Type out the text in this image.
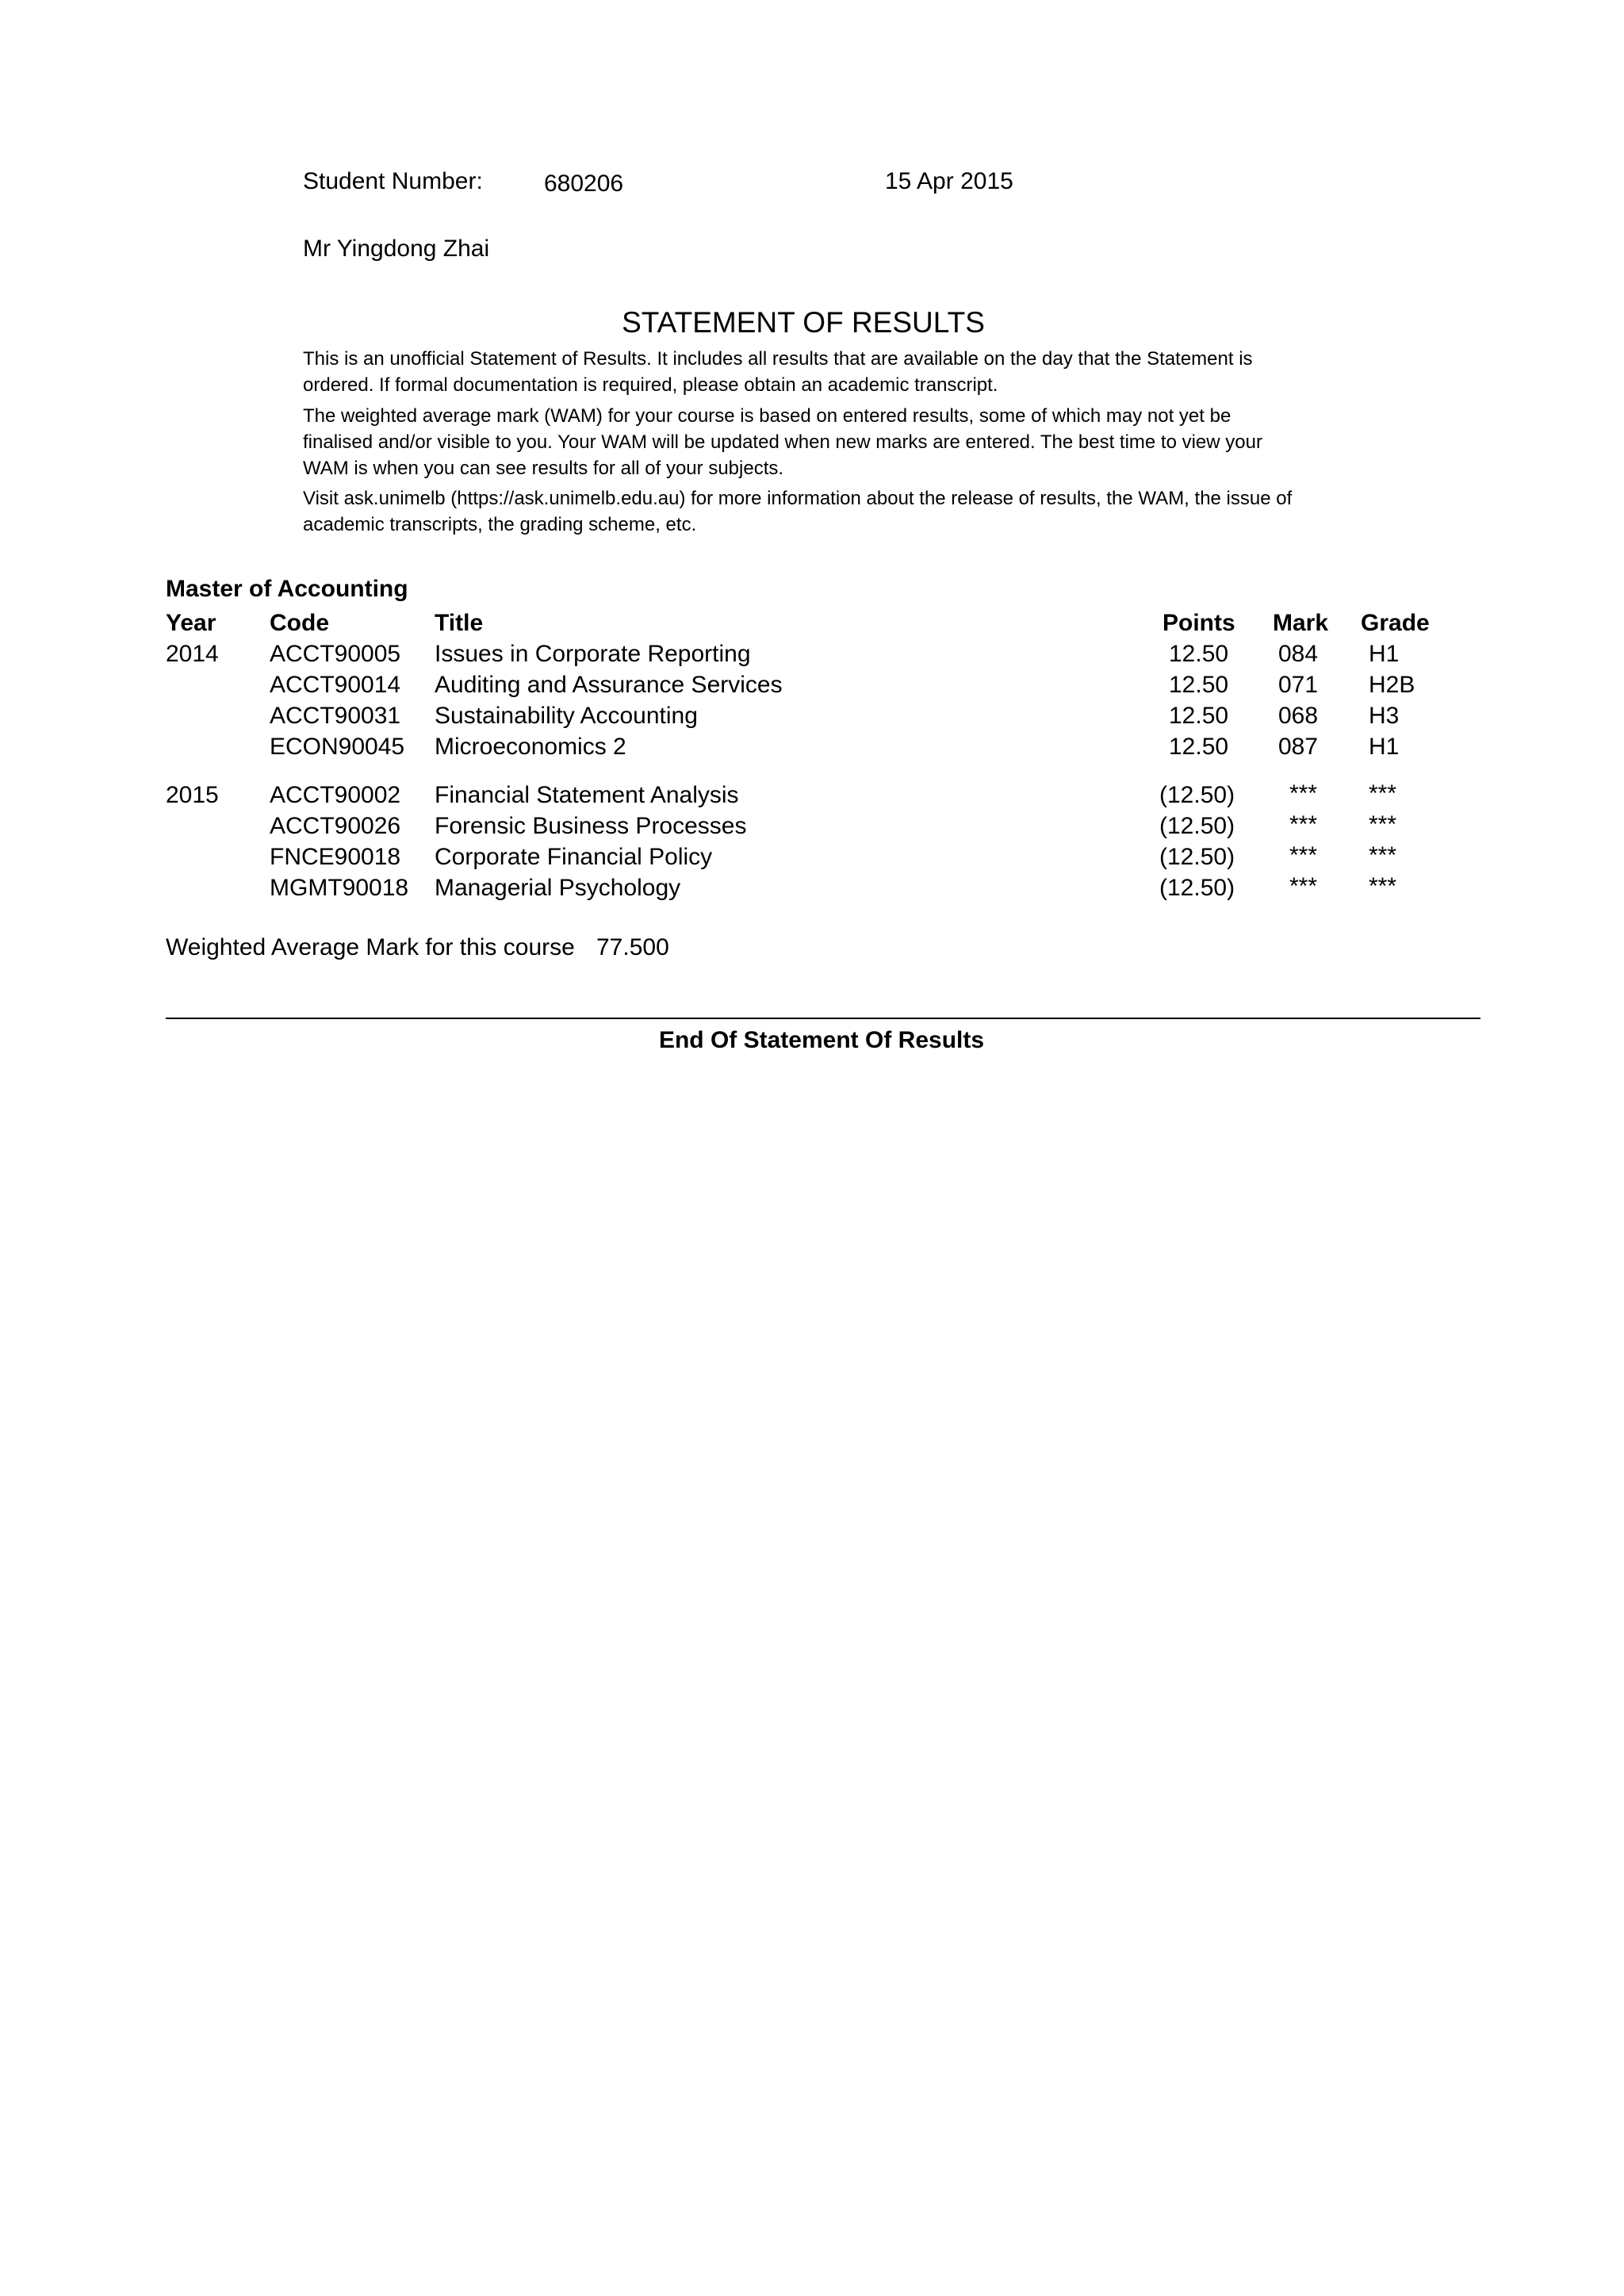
Student Number:	680206	15 Apr 2015
Mr Yingdong Zhai
STATEMENT OF RESULTS
This is an unofficial Statement of Results. It includes all results that are available on the day that the Statement is ordered. If formal documentation is required, please obtain an academic transcript.
The weighted average mark (WAM) for your course is based on entered results, some of which may not yet be finalised and/or visible to you. Your WAM will be updated when new marks are entered. The best time to view your WAM is when you can see results for all of your subjects.
Visit ask.unimelb (https://ask.unimelb.edu.au) for more information about the release of results, the WAM, the issue of academic transcripts, the grading scheme, etc.
Master of Accounting
Year Code	Title	Points Mark Grade
2014 ACCT90005 Issues in Corporate Reporting	12.50 084 H1
ACCT90014 Auditing and Assurance Services	12.50 071 H2B
ACCT90031 Sustainability Accounting	12.50 068 H3
ECON90045 Microeconomics 2	12.50 087 H1
2015 ACCT90002 Financial Statement Analysis	(12.50) *** ***
ACCT90026 Forensic Business Processes	(12.50) *** ***
FNCE90018 Corporate Financial Policy	(12.50) *** ***
MGMT90018 Managerial Psychology	(12.50) *** ***
Weighted Average Mark for this course 77.500
End Of Statement Of Results
